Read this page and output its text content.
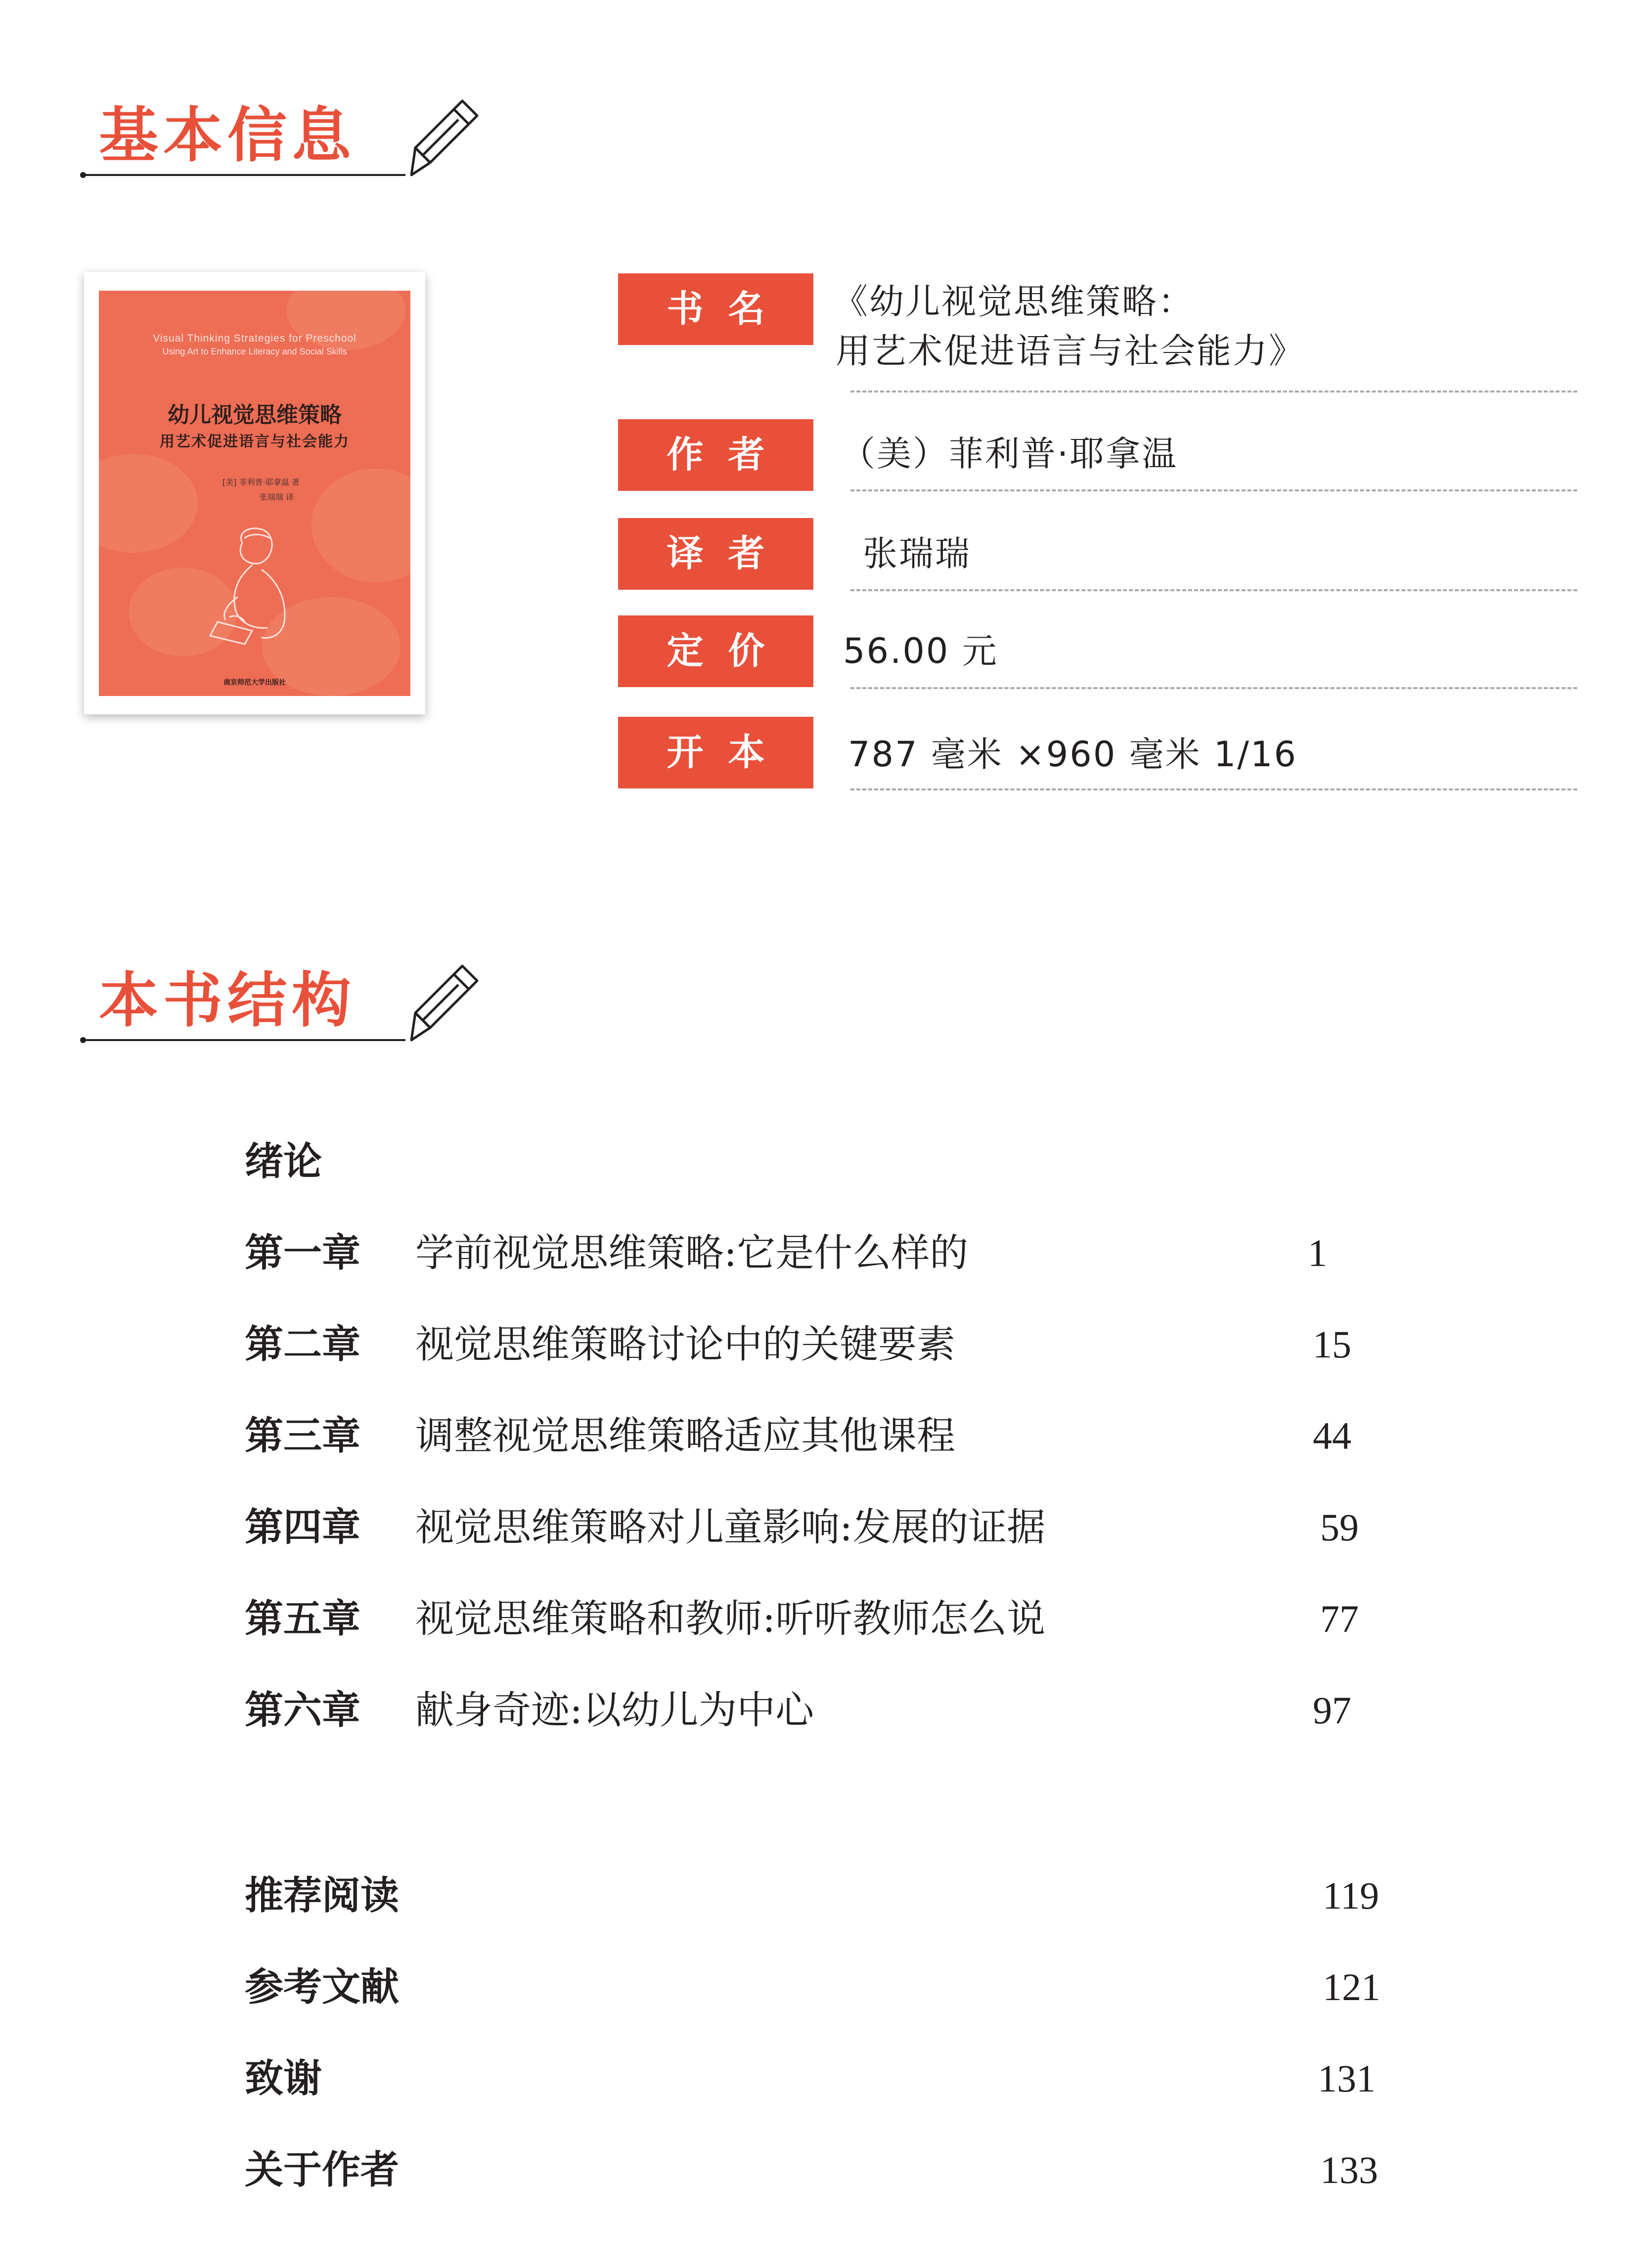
基本信息
Visual Thinking Strategies for Preschool
Using Art to Enhance Literacy and Social Skills
幼儿视觉思维策略
用艺术促进语言与社会能力
[美] 菲利普·耶拿温 著
张瑞瑞 译
南京师范大学出版社
书名	《幼儿视觉思维策略：
用艺术促进语言与社会能力》
作者	（美）菲利普·耶拿温
译者	张瑞瑞
定价	56.00 元
开本	787 毫米 ×960 毫米 1/16
本书结构
绪论
第一章 学前视觉思维策略:它是什么样的	1
第二章 视觉思维策略讨论中的关键要素	15
第三章 调整视觉思维策略适应其他课程	44
第四章 视觉思维策略对儿童影响:发展的证据	59
第五章 视觉思维策略和教师:听听教师怎么说	77
第六章 献身奇迹:以幼儿为中心	97
推荐阅读	119
参考文献	121
致谢	131
关于作者	133
